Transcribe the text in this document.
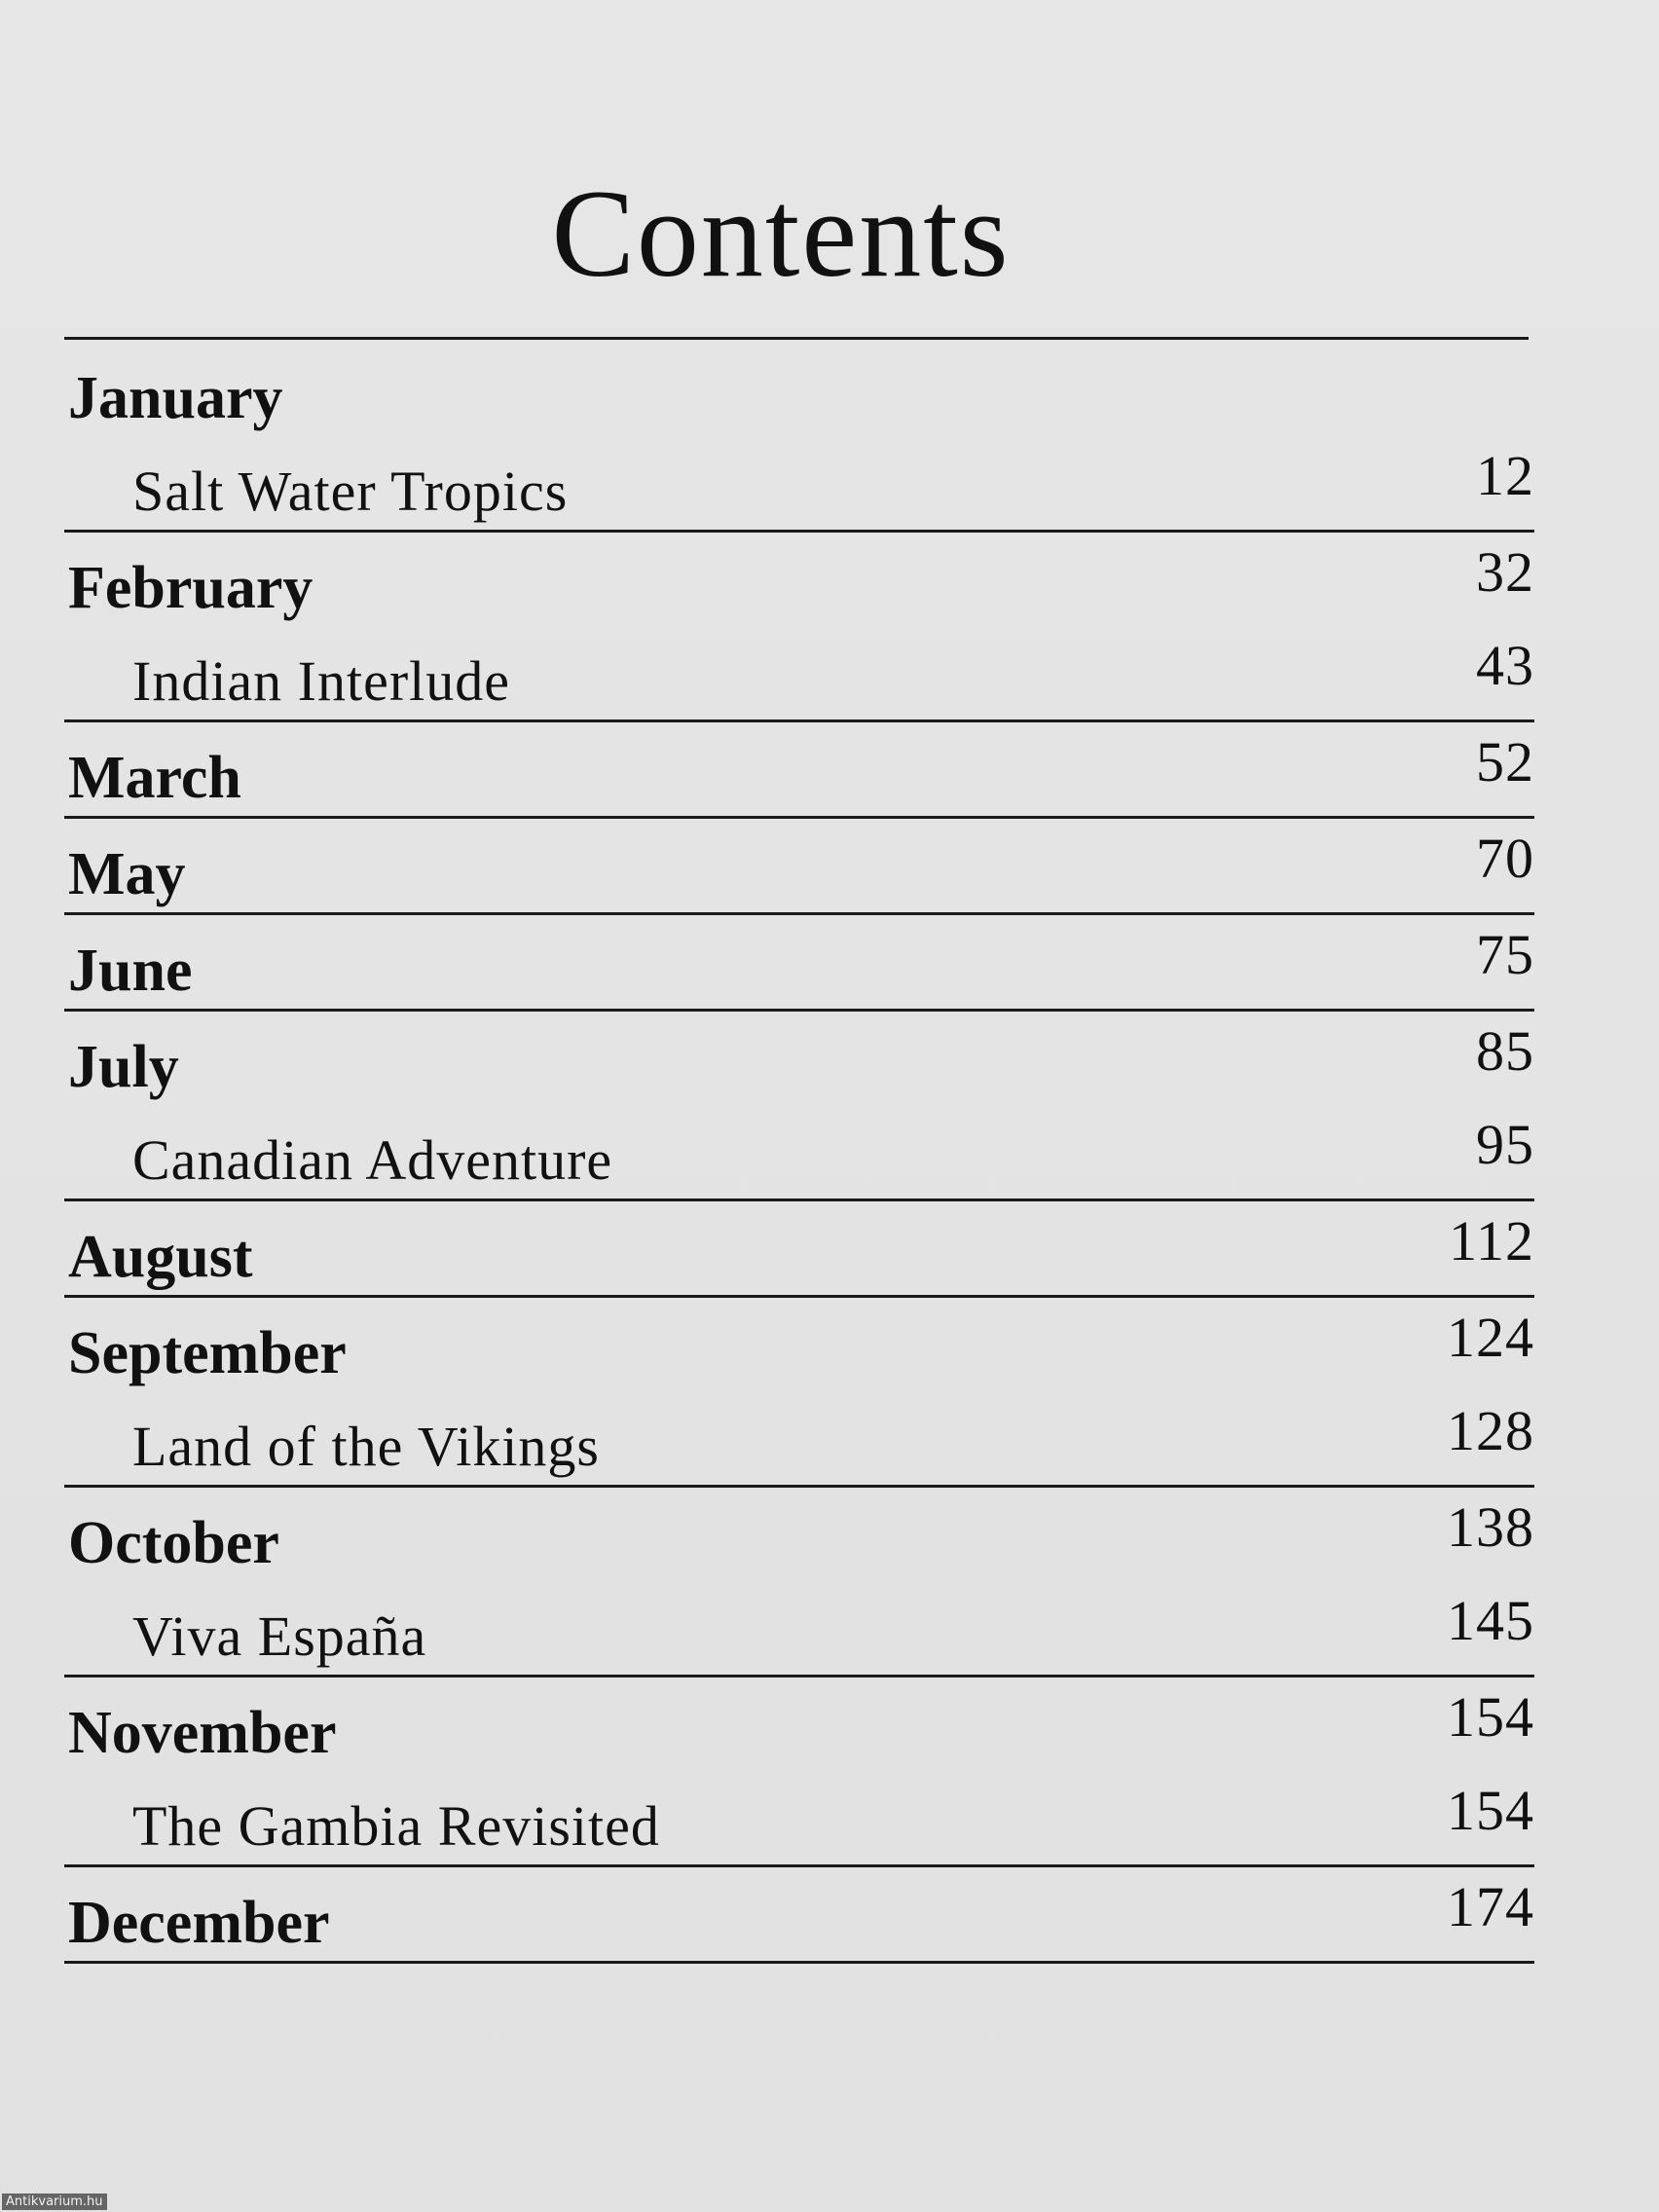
Contents
January
Salt Water Tropics	12
February	32
Indian Interlude	43
March	52
May	70
June	75
July	85
Canadian Adventure	95
August	112
September	124
Land of the Vikings	128
October	138
Viva España	145
November	154
The Gambia Revisited	154
December	174
Antikvarium.hu
